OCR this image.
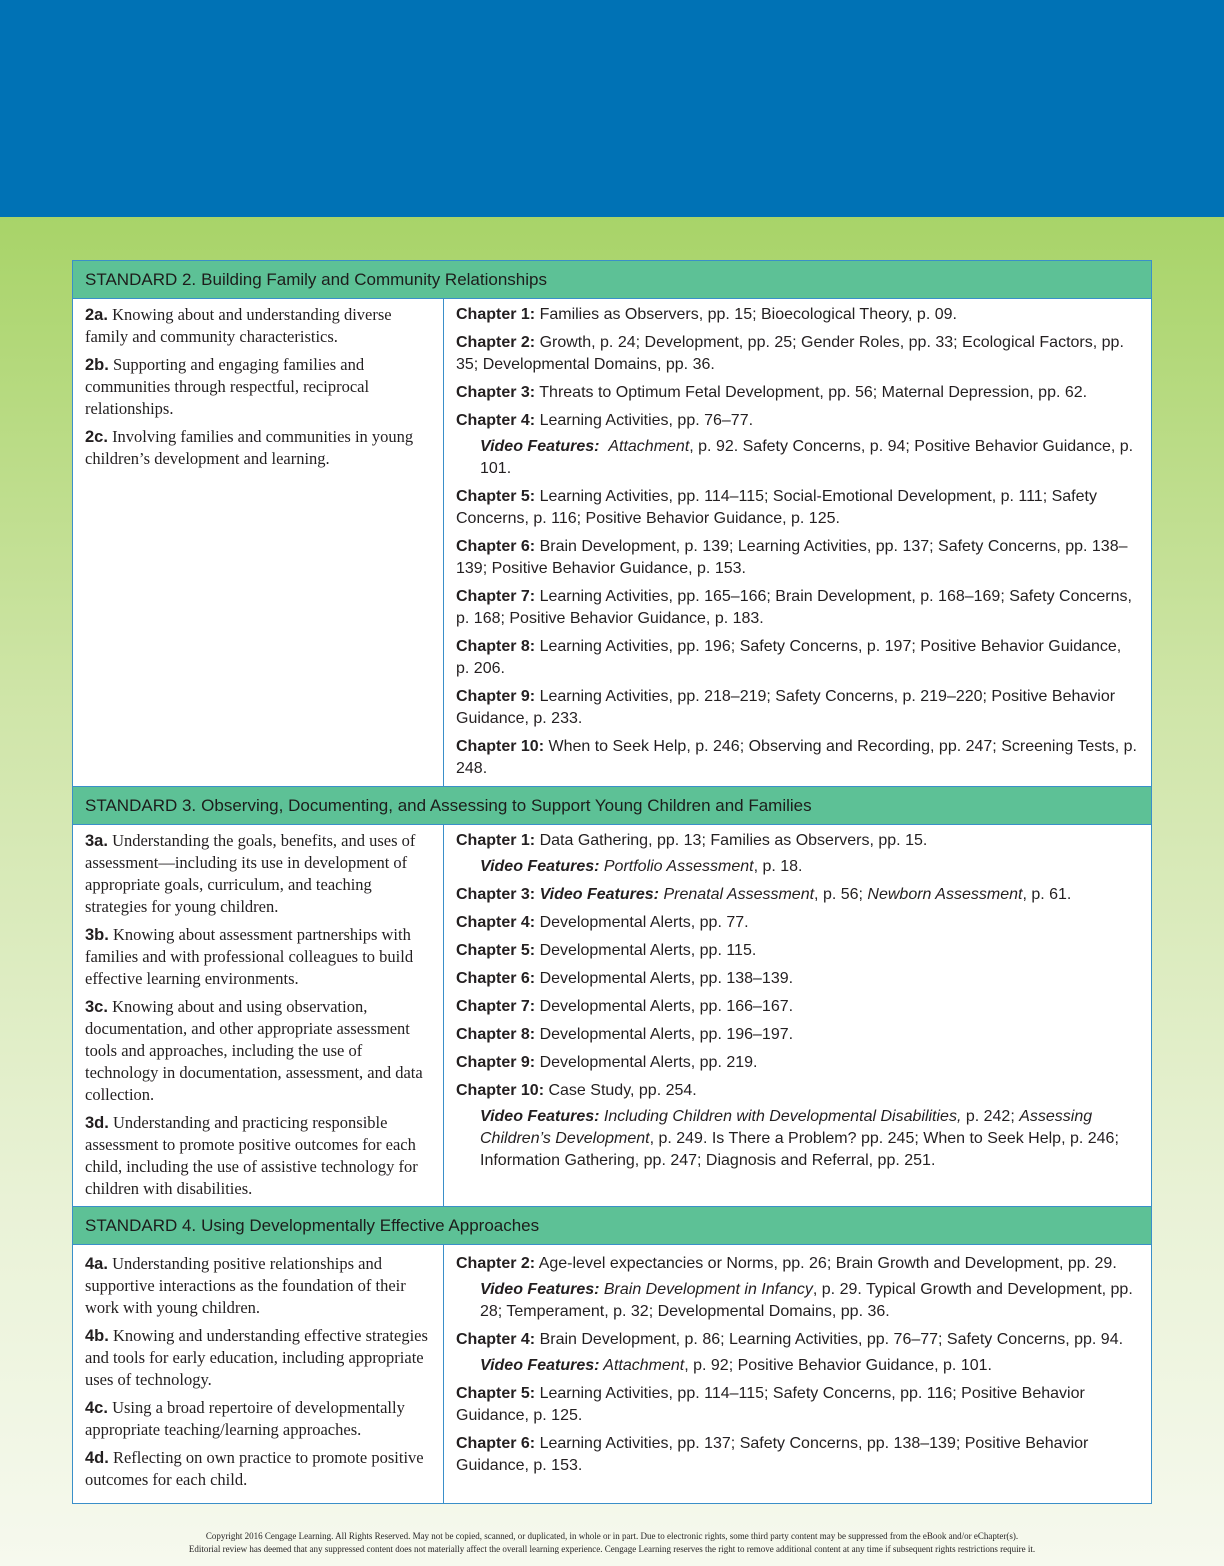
STANDARD 2. Building Family and Community Relationships

2a. Knowing about and understanding diverse family and community characteristics.

2b. Supporting and engaging families and communities through respectful, reciprocal relationships.

2c. Involving families and communities in young children’s development and learning.

Chapter 1: Families as Observers, pp. 15; Bioecological Theory, p. 09.

Chapter 2: Growth, p. 24; Development, pp. 25; Gender Roles, pp. 33; Ecological Factors, pp. 35; Developmental Domains, pp. 36.

Chapter 3: Threats to Optimum Fetal Development, pp. 56; Maternal Depression, pp. 62.

Chapter 4: Learning Activities, pp. 76–77.

Video Features: Attachment, p. 92. Safety Concerns, p. 94; Positive Behavior Guidance, p. 101.

Chapter 5: Learning Activities, pp. 114–115; Social-Emotional Development, p. 111; Safety Concerns, p. 116; Positive Behavior Guidance, p. 125.

Chapter 6: Brain Development, p. 139; Learning Activities, pp. 137; Safety Concerns, pp. 138–139; Positive Behavior Guidance, p. 153.

Chapter 7: Learning Activities, pp. 165–166; Brain Development, p. 168–169; Safety Concerns, p. 168; Positive Behavior Guidance, p. 183.

Chapter 8: Learning Activities, pp. 196; Safety Concerns, p. 197; Positive Behavior Guidance, p. 206.

Chapter 9: Learning Activities, pp. 218–219; Safety Concerns, p. 219–220; Positive Behavior Guidance, p. 233.

Chapter 10: When to Seek Help, p. 246; Observing and Recording, pp. 247; Screening Tests, p. 248.

STANDARD 3. Observing, Documenting, and Assessing to Support Young Children and Families

3a. Understanding the goals, benefits, and uses of assessment—including its use in development of appropriate goals, curriculum, and teaching strategies for young children.

3b. Knowing about assessment partnerships with families and with professional colleagues to build effective learning environments.

3c. Knowing about and using observation, documentation, and other appropriate assessment tools and approaches, including the use of technology in documentation, assessment, and data collection.

3d. Understanding and practicing responsible assessment to promote positive outcomes for each child, including the use of assistive technology for children with disabilities.

Chapter 1: Data Gathering, pp. 13; Families as Observers, pp. 15.

Video Features: Portfolio Assessment, p. 18.

Chapter 3: Video Features: Prenatal Assessment, p. 56; Newborn Assessment, p. 61.

Chapter 4: Developmental Alerts, pp. 77.

Chapter 5: Developmental Alerts, pp. 115.

Chapter 6: Developmental Alerts, pp. 138–139.

Chapter 7: Developmental Alerts, pp. 166–167.

Chapter 8: Developmental Alerts, pp. 196–197.

Chapter 9: Developmental Alerts, pp. 219.

Chapter 10: Case Study, pp. 254.

Video Features: Including Children with Developmental Disabilities, p. 242; Assessing Children’s Development, p. 249. Is There a Problem? pp. 245; When to Seek Help, p. 246; Information Gathering, pp. 247; Diagnosis and Referral, pp. 251.

STANDARD 4. Using Developmentally Effective Approaches

4a. Understanding positive relationships and supportive interactions as the foundation of their work with young children.

4b. Knowing and understanding effective strategies and tools for early education, including appropriate uses of technology.

4c. Using a broad repertoire of developmentally appropriate teaching/learning approaches.

4d. Reflecting on own practice to promote positive outcomes for each child.

Chapter 2: Age-level expectancies or Norms, pp. 26; Brain Growth and Development, pp. 29.

Video Features: Brain Development in Infancy, p. 29. Typical Growth and Development, pp. 28; Temperament, p. 32; Developmental Domains, pp. 36.

Chapter 4: Brain Development, p. 86; Learning Activities, pp. 76–77; Safety Concerns, pp. 94.

Video Features: Attachment, p. 92; Positive Behavior Guidance, p. 101.

Chapter 5: Learning Activities, pp. 114–115; Safety Concerns, pp. 116; Positive Behavior Guidance, p. 125.

Chapter 6: Learning Activities, pp. 137; Safety Concerns, pp. 138–139; Positive Behavior Guidance, p. 153.

Copyright 2016 Cengage Learning. All Rights Reserved. May not be copied, scanned, or duplicated, in whole or in part. Due to electronic rights, some third party content may be suppressed from the eBook and/or eChapter(s).
Editorial review has deemed that any suppressed content does not materially affect the overall learning experience. Cengage Learning reserves the right to remove additional content at any time if subsequent rights restrictions require it.
